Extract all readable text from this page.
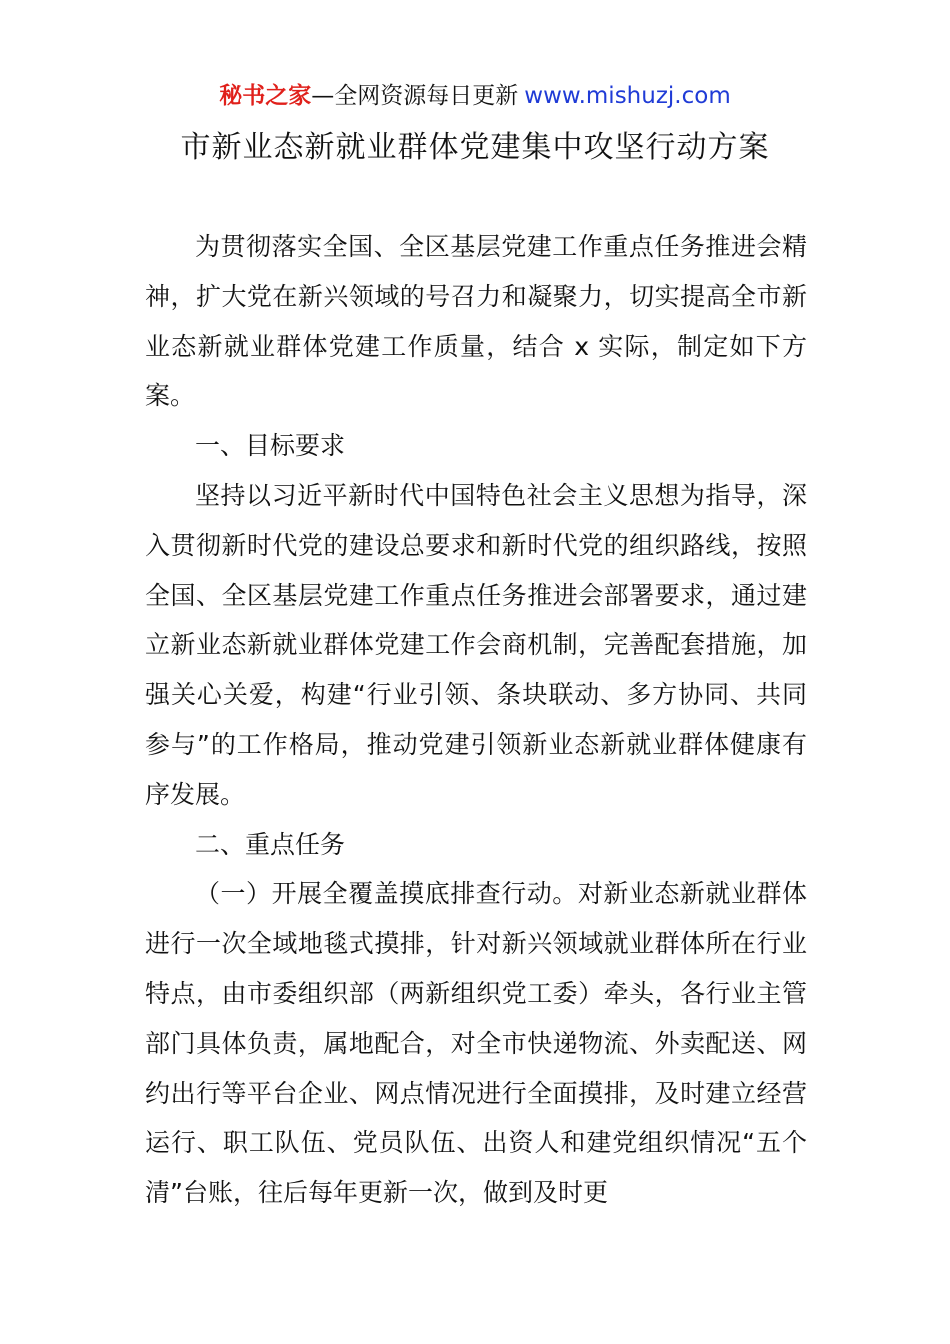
秘书之家—全网资源每日更新 www.mishuzj.com
市新业态新就业群体党建集中攻坚行动方案

为贯彻落实全国、全区基层党建工作重点任务推进会精神，扩大党在新兴领域的号召力和凝聚力，切实提高全市新业态新就业群体党建工作质量，结合 x 实际，制定如下方案。

一、目标要求

坚持以习近平新时代中国特色社会主义思想为指导，深入贯彻新时代党的建设总要求和新时代党的组织路线，按照全国、全区基层党建工作重点任务推进会部署要求，通过建立新业态新就业群体党建工作会商机制，完善配套措施，加强关心关爱，构建“行业引领、条块联动、多方协同、共同参与”的工作格局，推动党建引领新业态新就业群体健康有序发展。

二、重点任务

（一）开展全覆盖摸底排查行动。对新业态新就业群体进行一次全域地毯式摸排，针对新兴领域就业群体所在行业特点，由市委组织部（两新组织党工委）牵头，各行业主管部门具体负责，属地配合，对全市快递物流、外卖配送、网约出行等平台企业、网点情况进行全面摸排，及时建立经营运行、职工队伍、党员队伍、出资人和建党组织情况“五个清”台账，往后每年更新一次，做到及时更
